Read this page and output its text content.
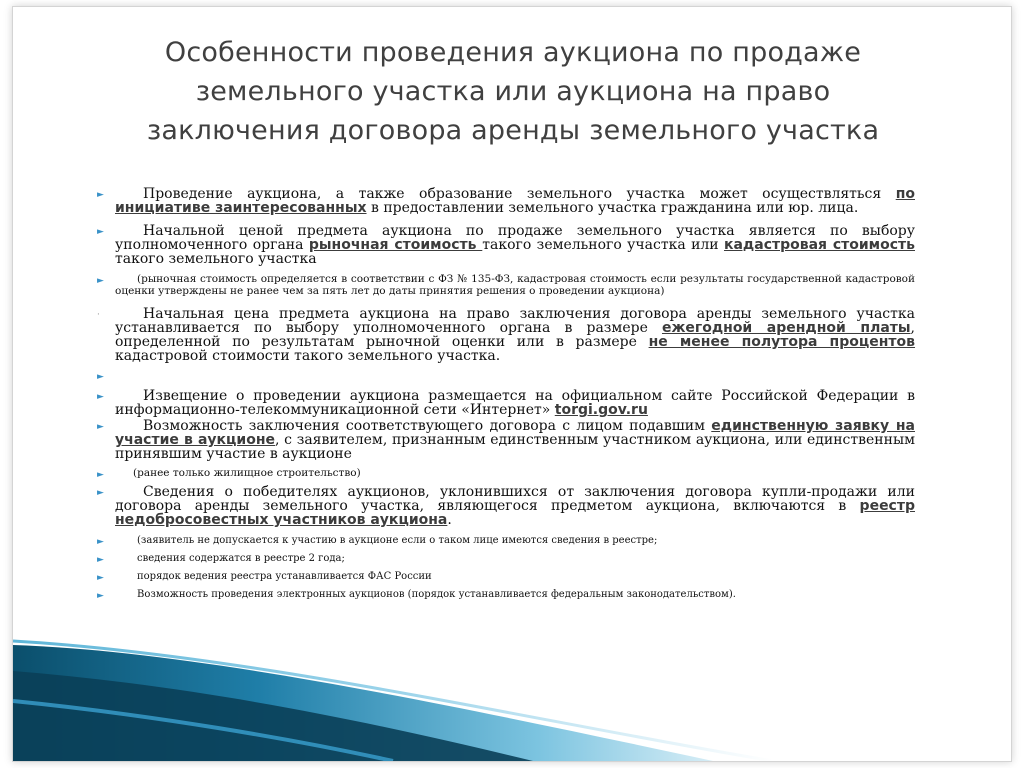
Особенности проведения аукциона по продаже
земельного участка или аукциона на право
заключения договора аренды земельного участка

►	Проведение аукциона, а также образование земельного участка может осуществляться по инициативе заинтересованных в предоставлении земельного участка гражданина или юр. лица.

►	Начальной ценой предмета аукциона по продаже земельного участка является по выбору уполномоченного органа рыночная стоимость такого земельного участка или кадастровая стоимость такого земельного участка

►	(рыночная стоимость определяется в соответствии с ФЗ № 135-ФЗ, кадастровая стоимость если результаты государственной кадастровой оценки утверждены не ранее чем за пять лет до даты принятия решения о проведении аукциона)

·	Начальная цена предмета аукциона на право заключения договора аренды земельного участка устанавливается по выбору уполномоченного органа в размере ежегодной арендной платы, определенной по результатам рыночной оценки или в размере не менее полутора процентов кадастровой стоимости такого земельного участка.

►

►	Извещение о проведении аукциона размещается на официальном сайте Российской Федерации в информационно-телекоммуникационной сети «Интернет» torgi.gov.ru

►	Возможность заключения соответствующего договора с лицом подавшим единственную заявку на участие в аукционе, с заявителем, признанным единственным участником аукциона, или единственным принявшим участие в аукционе

►	(ранее только жилищное строительство)

►	Сведения о победителях аукционов, уклонившихся от заключения договора купли-продажи или договора аренды земельного участка, являющегося предметом аукциона, включаются в реестр недобросовестных участников аукциона.

►	(заявитель не допускается к участию в аукционе если о таком лице имеются сведения в реестре;

►	сведения содержатся в реестре 2 года;

►	порядок ведения реестра устанавливается ФАС России

►	Возможность проведения электронных аукционов (порядок устанавливается федеральным законодательством).
